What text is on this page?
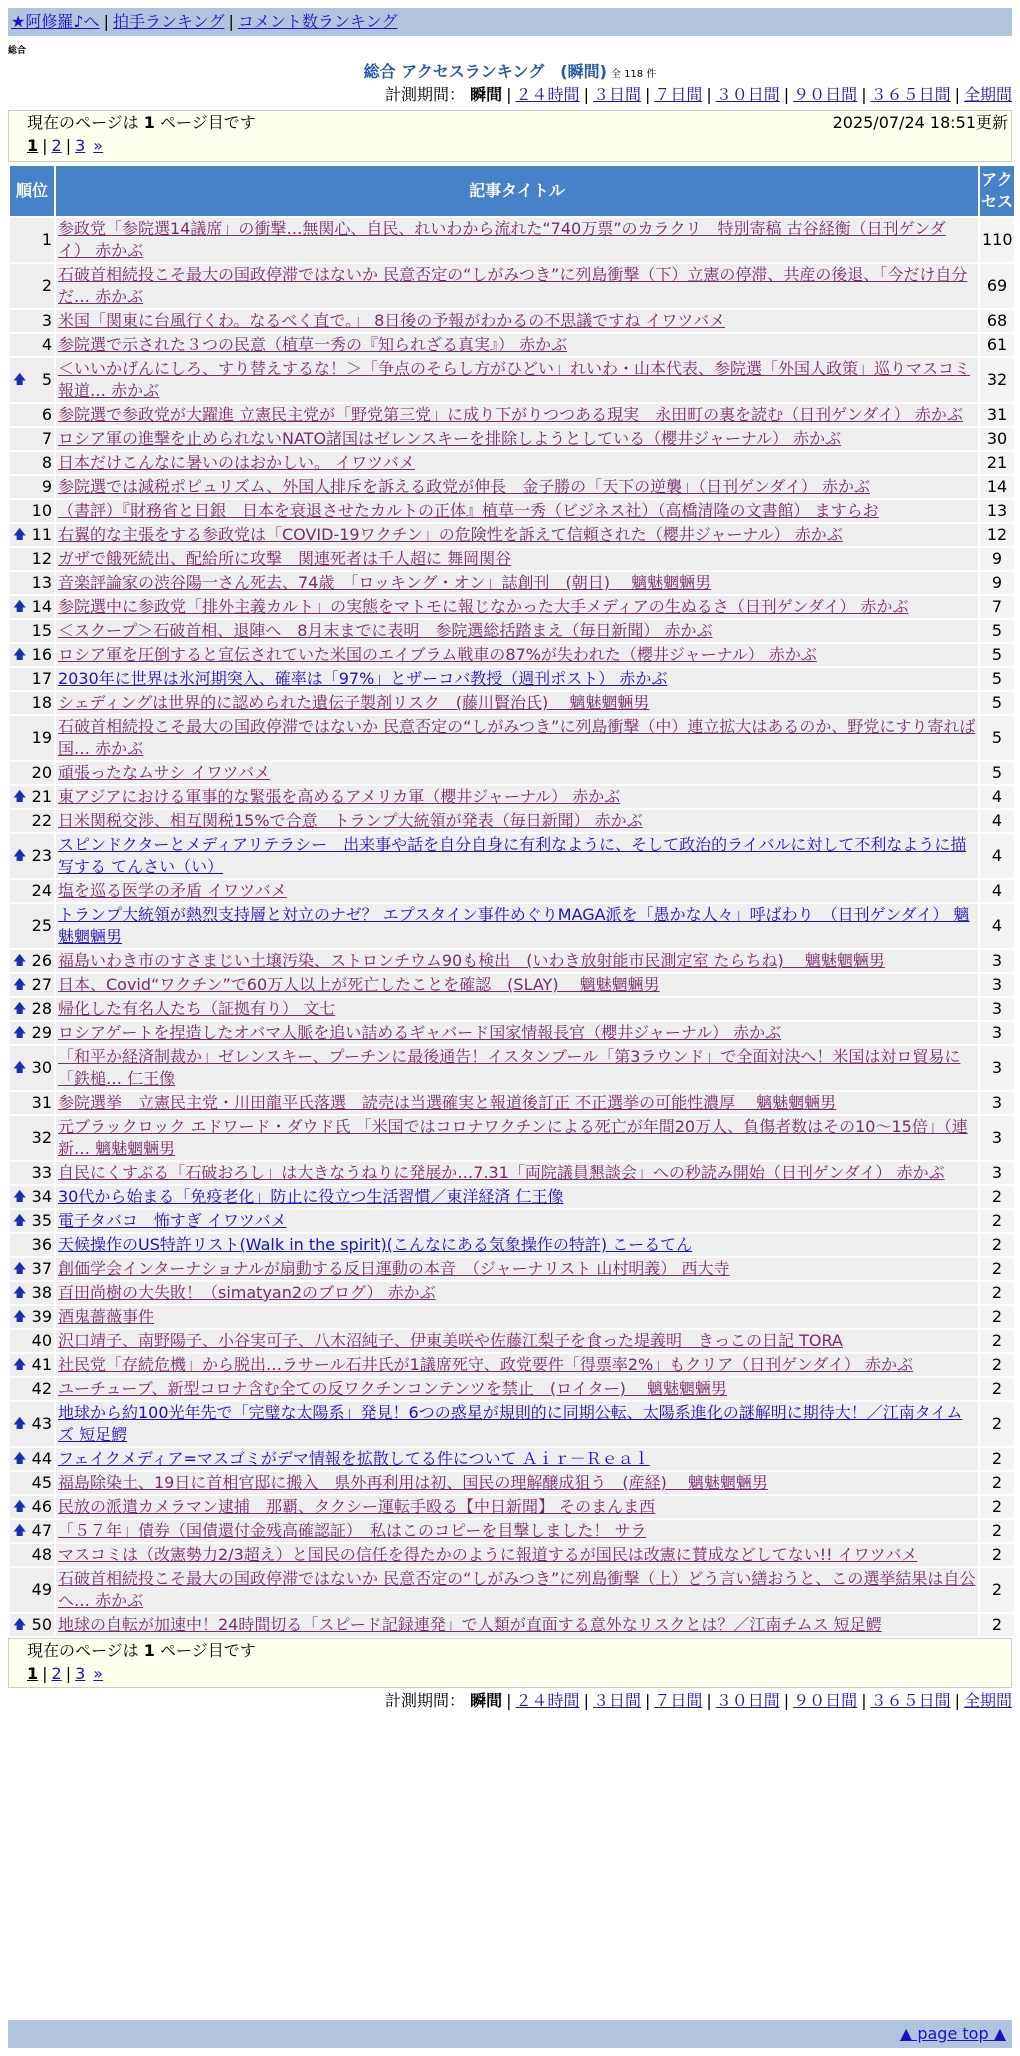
★阿修羅♪へ | 拍手ランキング | コメント数ランキング
総合
総合 アクセスランキング　(瞬間) 全 118 件
計測期間： 瞬間 | ２４時間 | ３日間 | ７日間 | ３０日間 | ９０日間 | ３６５日間 | 全期間
現在のページは 1 ページ目です	2025/07/24 18:51更新
1 | 2 | 3 »
順位	記事タイトル	アクセス
1	参政党「参院選14議席」の衝撃…無関心、自民、れいわから流れた“740万票”のカラクリ　特別寄稿 古谷経衡（日刊ゲンダイ） 赤かぶ	110
2	石破首相続投こそ最大の国政停滞ではないか 民意否定の“しがみつき”に列島衝撃（下）立憲の停滞、共産の後退、「今だけ自分だ… 赤かぶ	69
3	米国「関東に台風行くわ。なるべく直で。」 8日後の予報がわかるの不思議ですね イワツバメ	68
4	参院選で示された３つの民意（植草一秀の『知られざる真実』） 赤かぶ	61

🡅 5	＜いいかげんにしろ、すり替えするな！＞「争点のそらし方がひどい」れいわ・山本代表、参院選「外国人政策」巡りマスコミ報道… 赤かぶ	32
6	参院選で参政党が大躍進 立憲民主党が「野党第三党」に成り下がりつつある現実　永田町の裏を読む（日刊ゲンダイ） 赤かぶ	31
7	ロシア軍の進撃を止められないNATO諸国はゼレンスキーを排除しようとしている（櫻井ジャーナル） 赤かぶ	30
8	日本だけこんなに暑いのはおかしい。 イワツバメ	21
9	参院選では減税ポピュリズム、外国人排斥を訴える政党が伸長　金子勝の「天下の逆襲」（日刊ゲンダイ） 赤かぶ	14
10	（書評）『財務省と日銀　日本を衰退させたカルトの正体』植草一秀（ビジネス社）（高橋清隆の文書館） ますらお	13

🡅 11	右翼的な主張をする参政党は「COVID-19ワクチン」の危険性を訴えて信頼された（櫻井ジャーナル） 赤かぶ	12
12	ガザで餓死続出、配給所に攻撃　関連死者は千人超に 舞岡関谷	9
13	音楽評論家の渋谷陽一さん死去、74歳　「ロッキング・オン」誌創刊　(朝日)　 魑魅魍魎男	9

🡅 14	参院選中に参政党「排外主義カルト」の実態をマトモに報じなかった大手メディアの生ぬるさ（日刊ゲンダイ） 赤かぶ	7
15	＜スクープ＞石破首相、退陣へ　8月末までに表明　参院選総括踏まえ（毎日新聞） 赤かぶ	5

🡅 16	ロシア軍を圧倒すると宣伝されていた米国のエイブラム戦車の87%が失われた（櫻井ジャーナル） 赤かぶ	5
17	2030年に世界は氷河期突入、確率は「97%」とザーコバ教授（週刊ポスト） 赤かぶ	5
18	シェディングは世界的に認められた遺伝子製剤リスク　(藤川賢治氏)　 魑魅魍魎男	5
19	石破首相続投こそ最大の国政停滞ではないか 民意否定の“しがみつき”に列島衝撃（中）連立拡大はあるのか、野党にすり寄れば国… 赤かぶ	5
20	頑張ったなムサシ イワツバメ	5

🡅 21	東アジアにおける軍事的な緊張を高めるアメリカ軍（櫻井ジャーナル） 赤かぶ	4
22	日米関税交渉、相互関税15%で合意　トランプ大統領が発表（毎日新聞） 赤かぶ	4

🡅 23	スピンドクターとメディアリテラシー　出来事や話を自分自身に有利なように、そして政治的ライバルに対して不利なように描写する てんさい（い）	4
24	塩を巡る医学の矛盾 イワツバメ	4
25	トランプ大統領が熱烈支持層と対立のナゼ？ エプスタイン事件めぐりMAGA派を「愚かな人々」呼ばわり　（日刊ゲンダイ） 魑魅魍魎男	4

🡅 26	福島いわき市のすさまじい土壌汚染、ストロンチウム90も検出　(いわき放射能市民測定室 たらちね)　 魑魅魍魎男	3

🡅 27	日本、Covid“ワクチン”で60万人以上が死亡したことを確認　(SLAY)　 魑魅魍魎男	3

🡅 28	帰化した有名人たち（証拠有り） 文七	3

🡅 29	ロシアゲートを捏造したオバマ人脈を追い詰めるギャバード国家情報長官（櫻井ジャーナル） 赤かぶ	3

🡅 30	「和平か経済制裁か」ゼレンスキー、プーチンに最後通告！イスタンブール「第3ラウンド」で全面対決へ！米国は対ロ貿易に「鉄槌… 仁王像	3
31	参院選挙　立憲民主党・川田龍平氏落選　読売は当選確実と報道後訂正 不正選挙の可能性濃厚　 魑魅魍魎男	3
32	元ブラックロック エドワード・ダウド氏 「米国ではコロナワクチンによる死亡が年間20万人、負傷者数はその10〜15倍」（連新… 魑魅魍魎男	3
33	自民にくすぶる「石破おろし」は大きなうねりに発展か…7.31「両院議員懇談会」への秒読み開始（日刊ゲンダイ） 赤かぶ	3

🡅 34	30代から始まる「免疫老化」防止に役立つ生活習慣／東洋経済 仁王像	2

🡅 35	電子タバコ　怖すぎ イワツバメ	2
36	天候操作のUS特許リスト(Walk in the spirit)(こんなにある気象操作の特許) こーるてん	2

🡅 37	創価学会インターナショナルが扇動する反日運動の本音　（ジャーナリスト 山村明義） 西大寺	2

🡅 38	百田尚樹の大失敗！（simatyan2のブログ） 赤かぶ	2

🡅 39	酒鬼薔薇事件	2
40	沢口靖子、南野陽子、小谷実可子、八木沼純子、伊東美咲や佐藤江梨子を食った堤義明　きっこの日記 TORA	2

🡅 41	社民党「存続危機」から脱出…ラサール石井氏が1議席死守、政党要件「得票率2%」もクリア（日刊ゲンダイ） 赤かぶ	2
42	ユーチューブ、新型コロナ含む全ての反ワクチンコンテンツを禁止　(ロイター)　 魑魅魍魎男	2

🡅 43	地球から約100光年先で「完璧な太陽系」発見！6つの惑星が規則的に同期公転、太陽系進化の謎解明に期待大！／江南タイムズ 短足鰐	2

🡅 44	フェイクメディア=マスゴミがデマ情報を拡散してる件について Ａｉｒ－Ｒｅａｌ	2
45	福島除染土、19日に首相官邸に搬入　県外再利用は初、国民の理解醸成狙う　(産経)　 魑魅魍魎男	2

🡅 46	民放の派遣カメラマン逮捕　那覇、タクシー運転手殴る【中日新聞】 そのまんま西	2

🡅 47	「５７年」債券（国債還付金残高確認証）　私はこのコピーを目撃しました！ サラ	2
48	マスコミは（改憲勢力2/3超え）と国民の信任を得たかのように報道するが国民は改憲に賛成などしてない!! イワツバメ	2
49	石破首相続投こそ最大の国政停滞ではないか 民意否定の“しがみつき”に列島衝撃（上）どう言い繕おうと、この選挙結果は自公へ… 赤かぶ	2

🡅 50	地球の自転が加速中！24時間切る「スピード記録連発」で人類が直面する意外なリスクとは？／江南チムス 短足鰐	2
現在のページは 1 ページ目です
1 | 2 | 3 »
計測期間： 瞬間 | ２４時間 | ３日間 | ７日間 | ３０日間 | ９０日間 | ３６５日間 | 全期間
▲ page top ▲
